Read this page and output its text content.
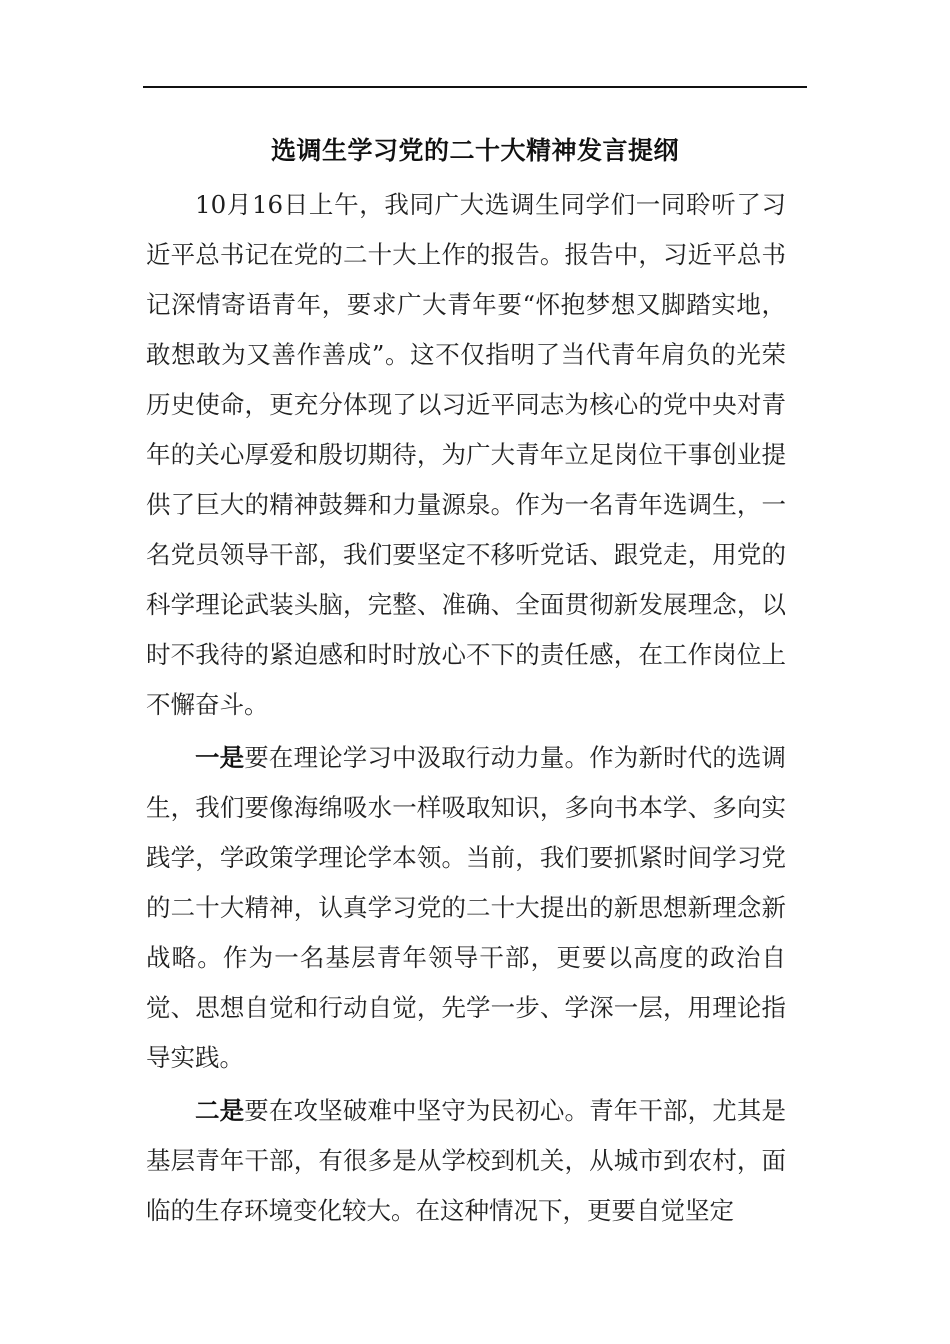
选调生学习党的二十大精神发言提纲

10月16日上午，我同广大选调生同学们一同聆听了习近平总书记在党的二十大上作的报告。报告中，习近平总书记深情寄语青年，要求广大青年要“怀抱梦想又脚踏实地，敢想敢为又善作善成”。这不仅指明了当代青年肩负的光荣历史使命，更充分体现了以习近平同志为核心的党中央对青年的关心厚爱和殷切期待，为广大青年立足岗位干事创业提供了巨大的精神鼓舞和力量源泉。作为一名青年选调生，一名党员领导干部，我们要坚定不移听党话、跟党走，用党的科学理论武装头脑，完整、准确、全面贯彻新发展理念，以时不我待的紧迫感和时时放心不下的责任感，在工作岗位上不懈奋斗。

一是要在理论学习中汲取行动力量。作为新时代的选调生，我们要像海绵吸水一样吸取知识，多向书本学、多向实践学，学政策学理论学本领。当前，我们要抓紧时间学习党的二十大精神，认真学习党的二十大提出的新思想新理念新战略。作为一名基层青年领导干部，更要以高度的政治自觉、思想自觉和行动自觉，先学一步、学深一层，用理论指导实践。

二是要在攻坚破难中坚守为民初心。青年干部，尤其是基层青年干部，有很多是从学校到机关，从城市到农村，面临的生存环境变化较大。在这种情况下，更要自觉坚定
